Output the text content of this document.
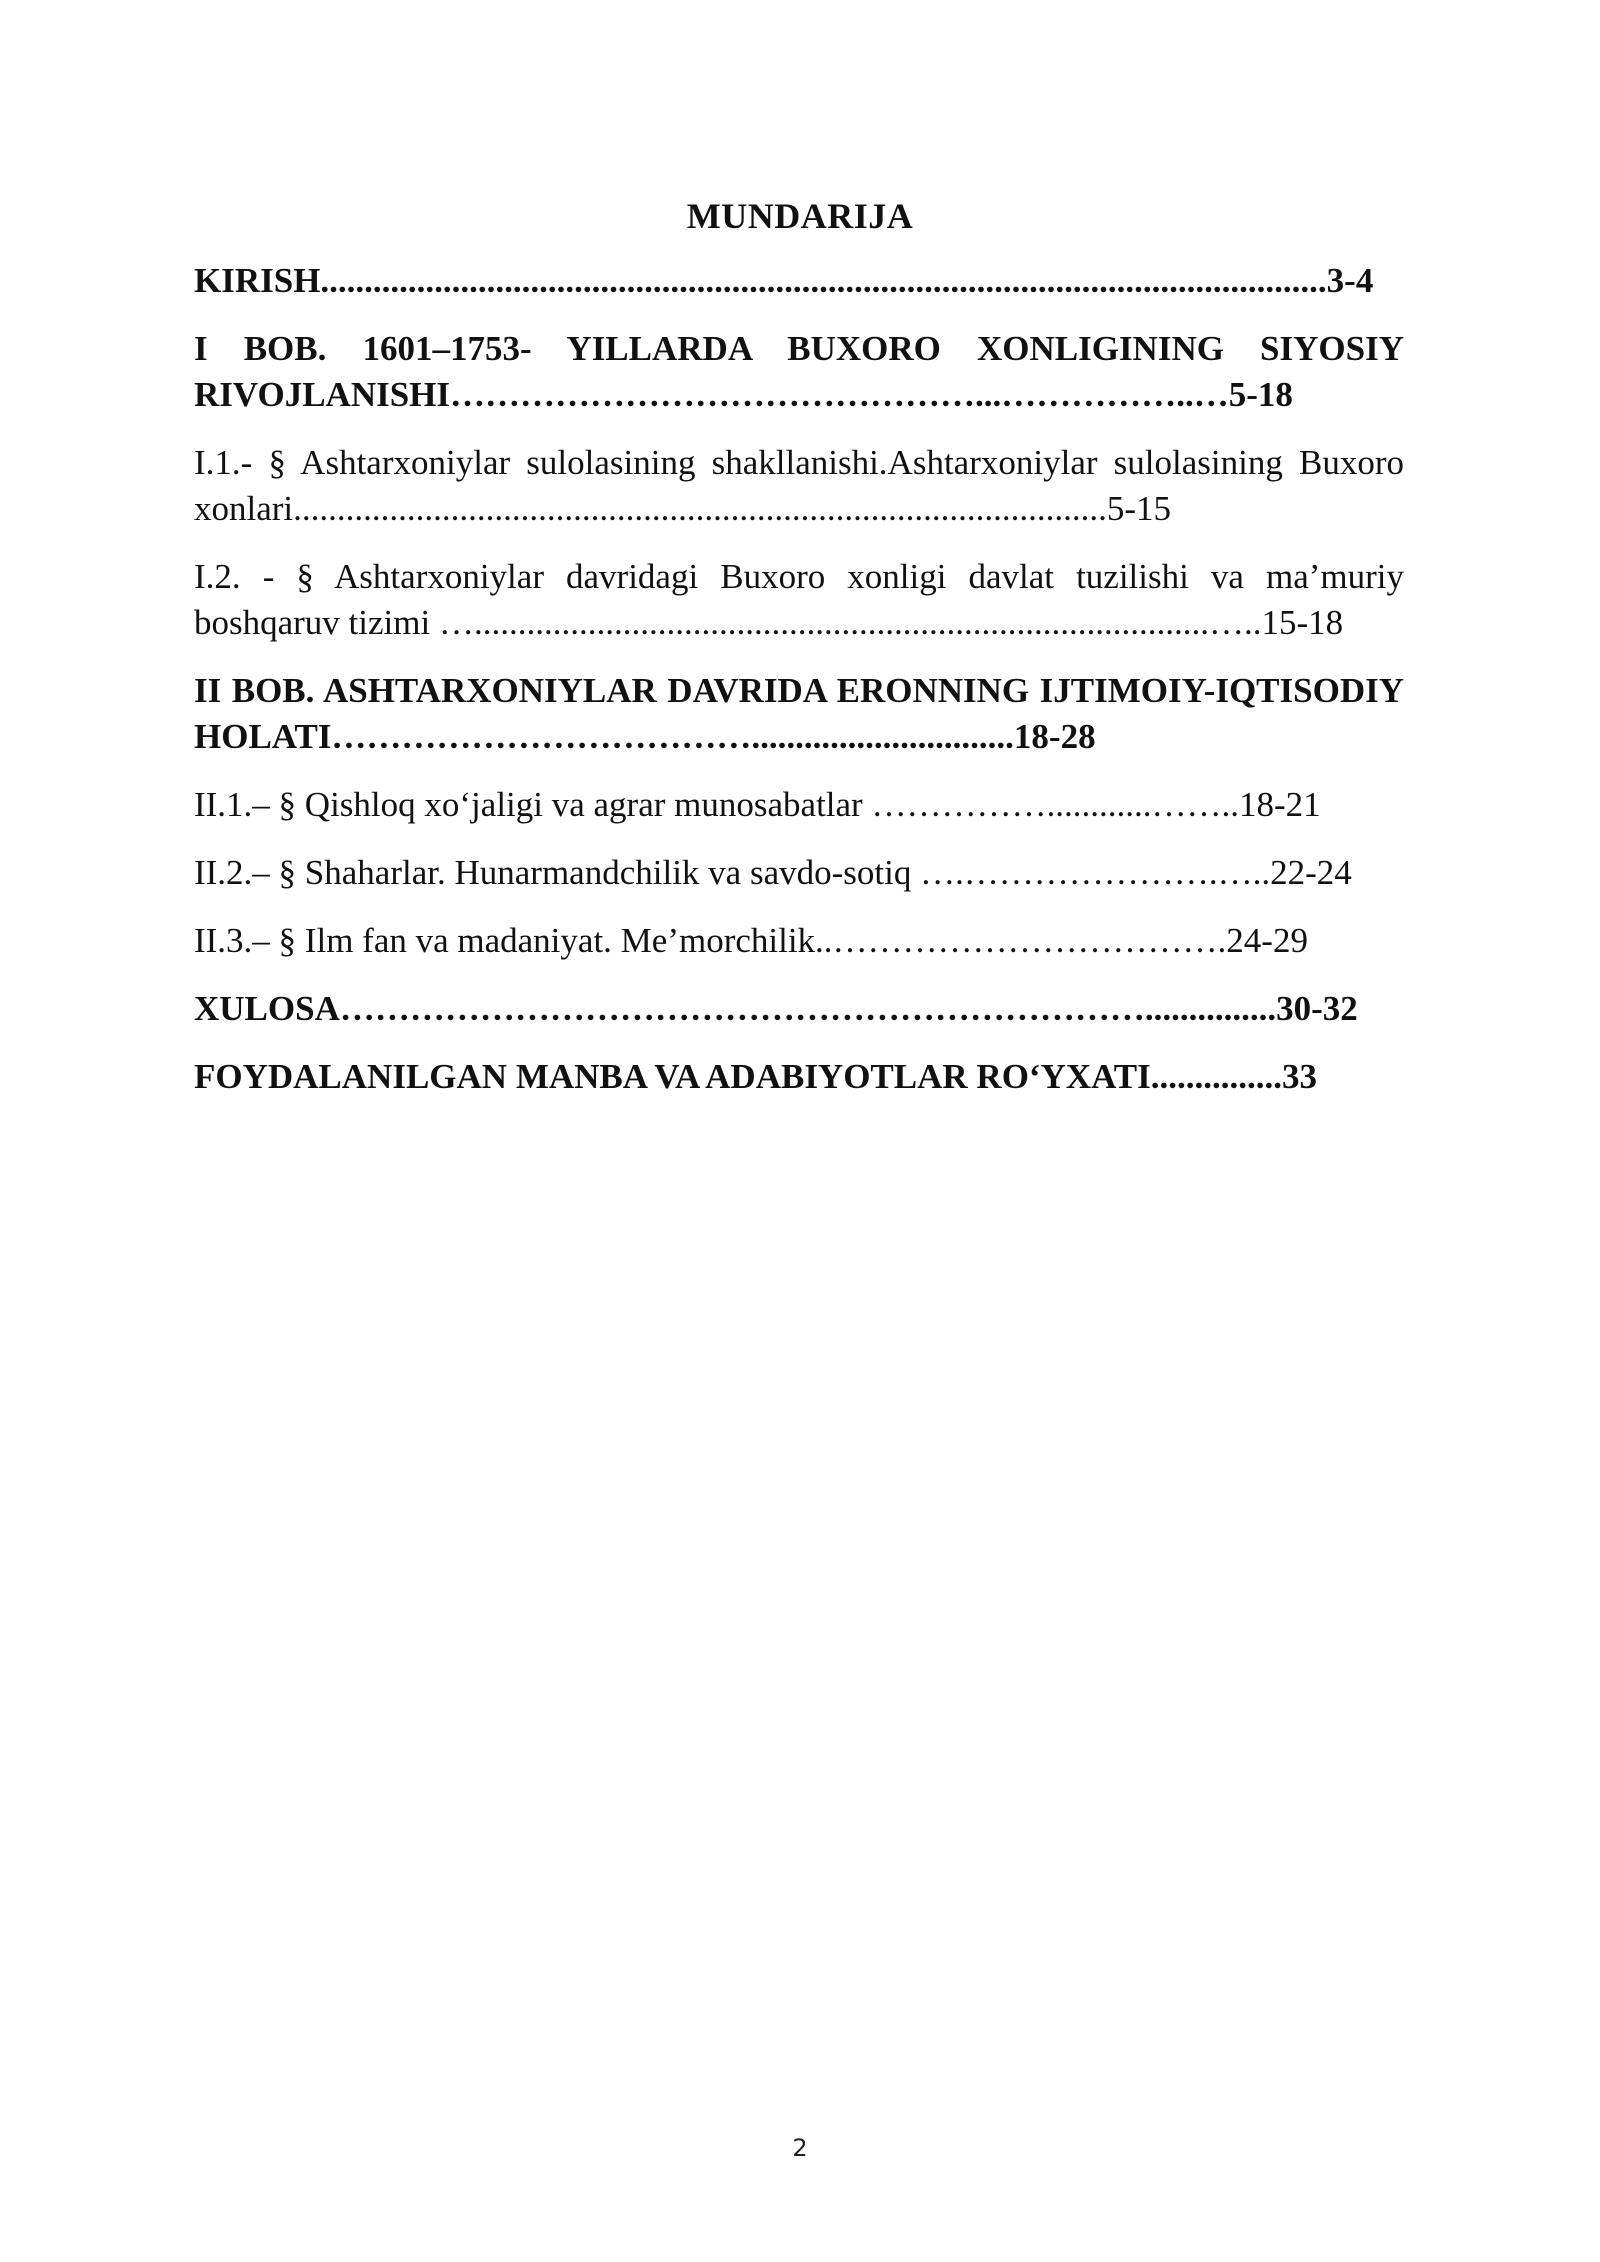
MUNDARIJA
KIRISH...................................................................................................................3-4
I BOB. 1601–1753- YILLARDA BUXORO XONLIGINING SIYOSIY RIVOJLANISHI………………………………………...……………..…5-18
I.1.- § Ashtarxoniylar sulolasining shakllanishi.Ashtarxoniylar sulolasining Buxoro xonlari.............................................................................................5-15
I.2. - § Ashtarxoniylar davridagi Buxoro xonligi davlat tuzilishi va ma’muriy boshqaruv tizimi …....................................................................................…..15-18
II BOB. ASHTARXONIYLAR DAVRIDA ERONNING IJTIMOIY-IQTISODIY HOLATI………………………………..............................18-28
II.1.– § Qishloq xo‘jaligi va agrar munosabatlar ……………............……..18-21
II.2.– § Shaharlar. Hunarmandchilik va savdo-sotiq ….………………….…..22-24
II.3.– § Ilm fan va madaniyat. Me’morchilik..…………………………….24-29
XULOSA……………………………………………………………...............30-32
FOYDALANILGAN MANBA VA ADABIYOTLAR RO‘YXATI...............33
2
